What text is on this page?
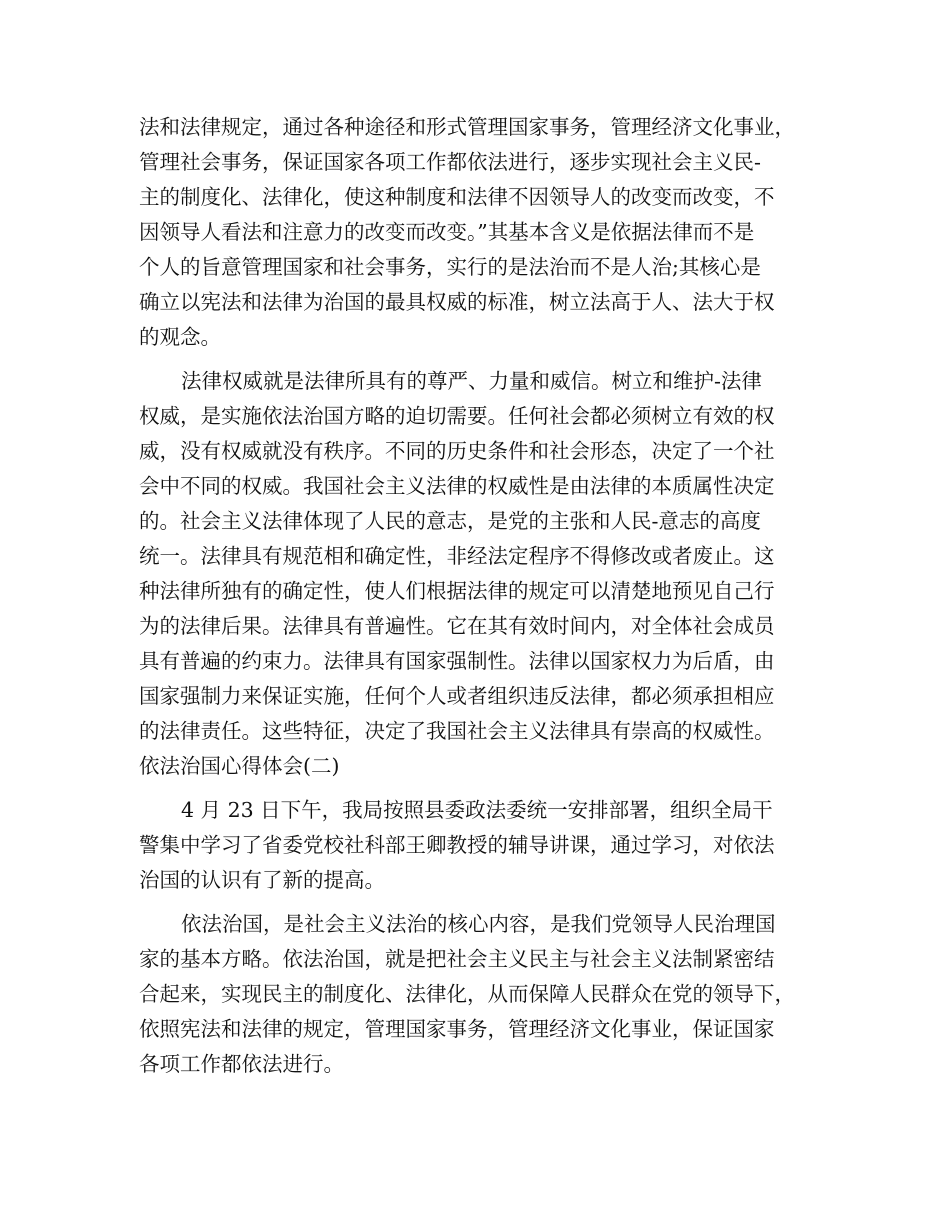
法和法律规定，通过各种途径和形式管理国家事务，管理经济文化事业，
管理社会事务，保证国家各项工作都依法进行，逐步实现社会主义民-
主的制度化、法律化，使这种制度和法律不因领导人的改变而改变，不
因领导人看法和注意力的改变而改变。”其基本含义是依据法律而不是
个人的旨意管理国家和社会事务，实行的是法治而不是人治;其核心是
确立以宪法和法律为治国的最具权威的标准，树立法高于人、法大于权
的观念。
法律权威就是法律所具有的尊严、力量和威信。树立和维护-法律
权威，是实施依法治国方略的迫切需要。任何社会都必须树立有效的权
威，没有权威就没有秩序。不同的历史条件和社会形态，决定了一个社
会中不同的权威。我国社会主义法律的权威性是由法律的本质属性决定
的。社会主义法律体现了人民的意志，是党的主张和人民-意志的高度
统一。法律具有规范相和确定性，非经法定程序不得修改或者废止。这
种法律所独有的确定性，使人们根据法律的规定可以清楚地预见自己行
为的法律后果。法律具有普遍性。它在其有效时间内，对全体社会成员
具有普遍的约束力。法律具有国家强制性。法律以国家权力为后盾，由
国家强制力来保证实施，任何个人或者组织违反法律，都必须承担相应
的法律责任。这些特征，决定了我国社会主义法律具有崇高的权威性。
依法治国心得体会(二)
4 月 23 日下午，我局按照县委政法委统一安排部署，组织全局干
警集中学习了省委党校社科部王卿教授的辅导讲课，通过学习，对依法
治国的认识有了新的提高。
依法治国，是社会主义法治的核心内容，是我们党领导人民治理国
家的基本方略。依法治国，就是把社会主义民主与社会主义法制紧密结
合起来，实现民主的制度化、法律化，从而保障人民群众在党的领导下，
依照宪法和法律的规定，管理国家事务，管理经济文化事业，保证国家
各项工作都依法进行。
